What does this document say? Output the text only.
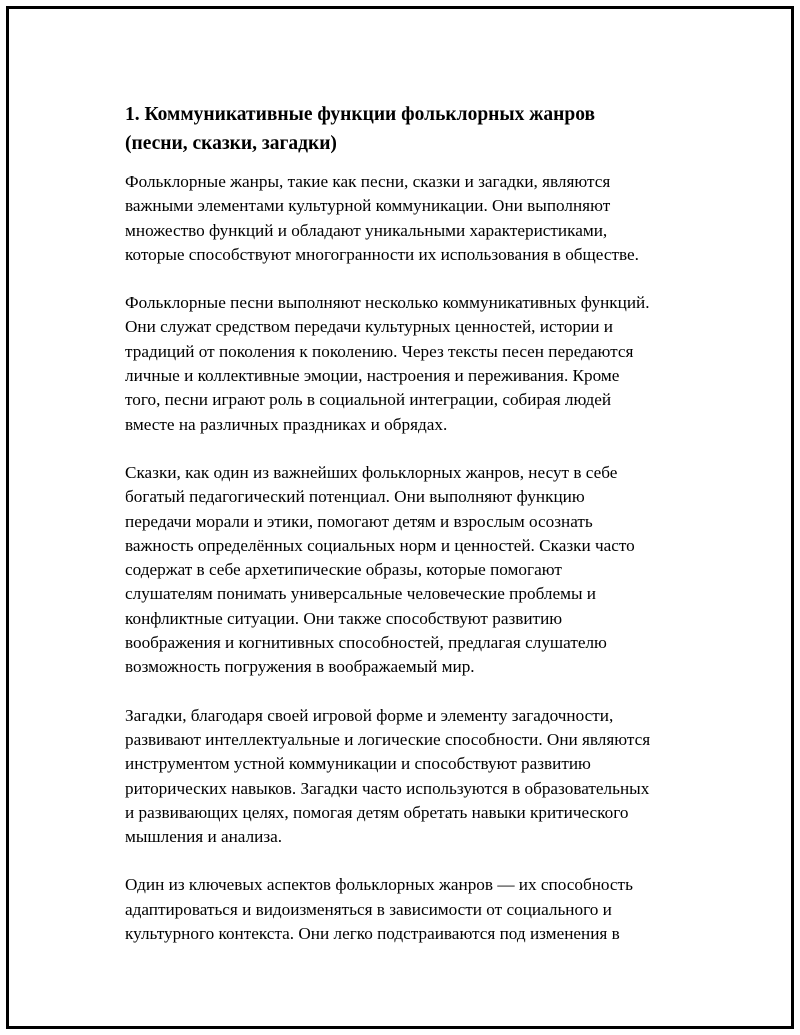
1. Коммуникативные функции фольклорных жанров
(песни, сказки, загадки)

Фольклорные жанры, такие как песни, сказки и загадки, являются
важными элементами культурной коммуникации. Они выполняют
множество функций и обладают уникальными характеристиками,
которые способствуют многогранности их использования в обществе.

Фольклорные песни выполняют несколько коммуникативных функций.
Они служат средством передачи культурных ценностей, истории и
традиций от поколения к поколению. Через тексты песен передаются
личные и коллективные эмоции, настроения и переживания. Кроме
того, песни играют роль в социальной интеграции, собирая людей
вместе на различных праздниках и обрядах.

Сказки, как один из важнейших фольклорных жанров, несут в себе
богатый педагогический потенциал. Они выполняют функцию
передачи морали и этики, помогают детям и взрослым осознать
важность определённых социальных норм и ценностей. Сказки часто
содержат в себе архетипические образы, которые помогают
слушателям понимать универсальные человеческие проблемы и
конфликтные ситуации. Они также способствуют развитию
воображения и когнитивных способностей, предлагая слушателю
возможность погружения в воображаемый мир.

Загадки, благодаря своей игровой форме и элементу загадочности,
развивают интеллектуальные и логические способности. Они являются
инструментом устной коммуникации и способствуют развитию
риторических навыков. Загадки часто используются в образовательных
и развивающих целях, помогая детям обретать навыки критического
мышления и анализа.

Один из ключевых аспектов фольклорных жанров — их способность
адаптироваться и видоизменяться в зависимости от социального и
культурного контекста. Они легко подстраиваются под изменения в
